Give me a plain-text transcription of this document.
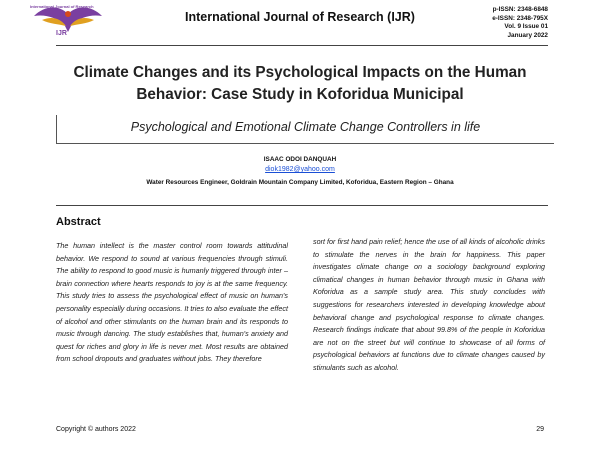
International Journal of Research
IJR
International Journal of Research (IJR)
p-ISSN: 2348-6848
e-ISSN: 2348-795X
Vol. 9 Issue 01
January 2022
Climate Changes and its Psychological Impacts on the Human Behavior: Case Study in Koforidua Municipal
Psychological and Emotional Climate Change Controllers in life
ISAAC ODOI DANQUAH
diok1982@yahoo.com
Water Resources Engineer, Goldrain Mountain Company Limited, Koforidua, Eastern Region – Ghana
Abstract
The human intellect is the master control room towards attitudinal behavior. We respond to sound at various frequencies through stimuli. The ability to respond to good music is humanly triggered through inter – brain connection where hearts responds to joy is at the same frequency. This study tries to assess the psychological effect of music on human's personality especially during occasions. It tries to also evaluate the effect of alcohol and other stimulants on the human brain and its responds to music through dancing. The study establishes that, human's anxiety and quest for riches and glory in life is never met. Most results are obtained from school dropouts and graduates without jobs. They therefore
sort for first hand pain relief; hence the use of all kinds of alcoholic drinks to stimulate the nerves in the brain for happiness. This paper investigates climate change on a sociology background exploring climatical changes in human behavior through music in Ghana with Koforidua as a sample study area. This study concludes with suggestions for researchers interested in developing knowledge about behavioral change and psychological response to climate changes. Research findings indicate that about 99.8% of the people in Koforidua are not on the street but will continue to showcase of all forms of psychological behaviors at functions due to climate changes caused by stimulants such as alcohol.
Copyright © authors 2022	29
